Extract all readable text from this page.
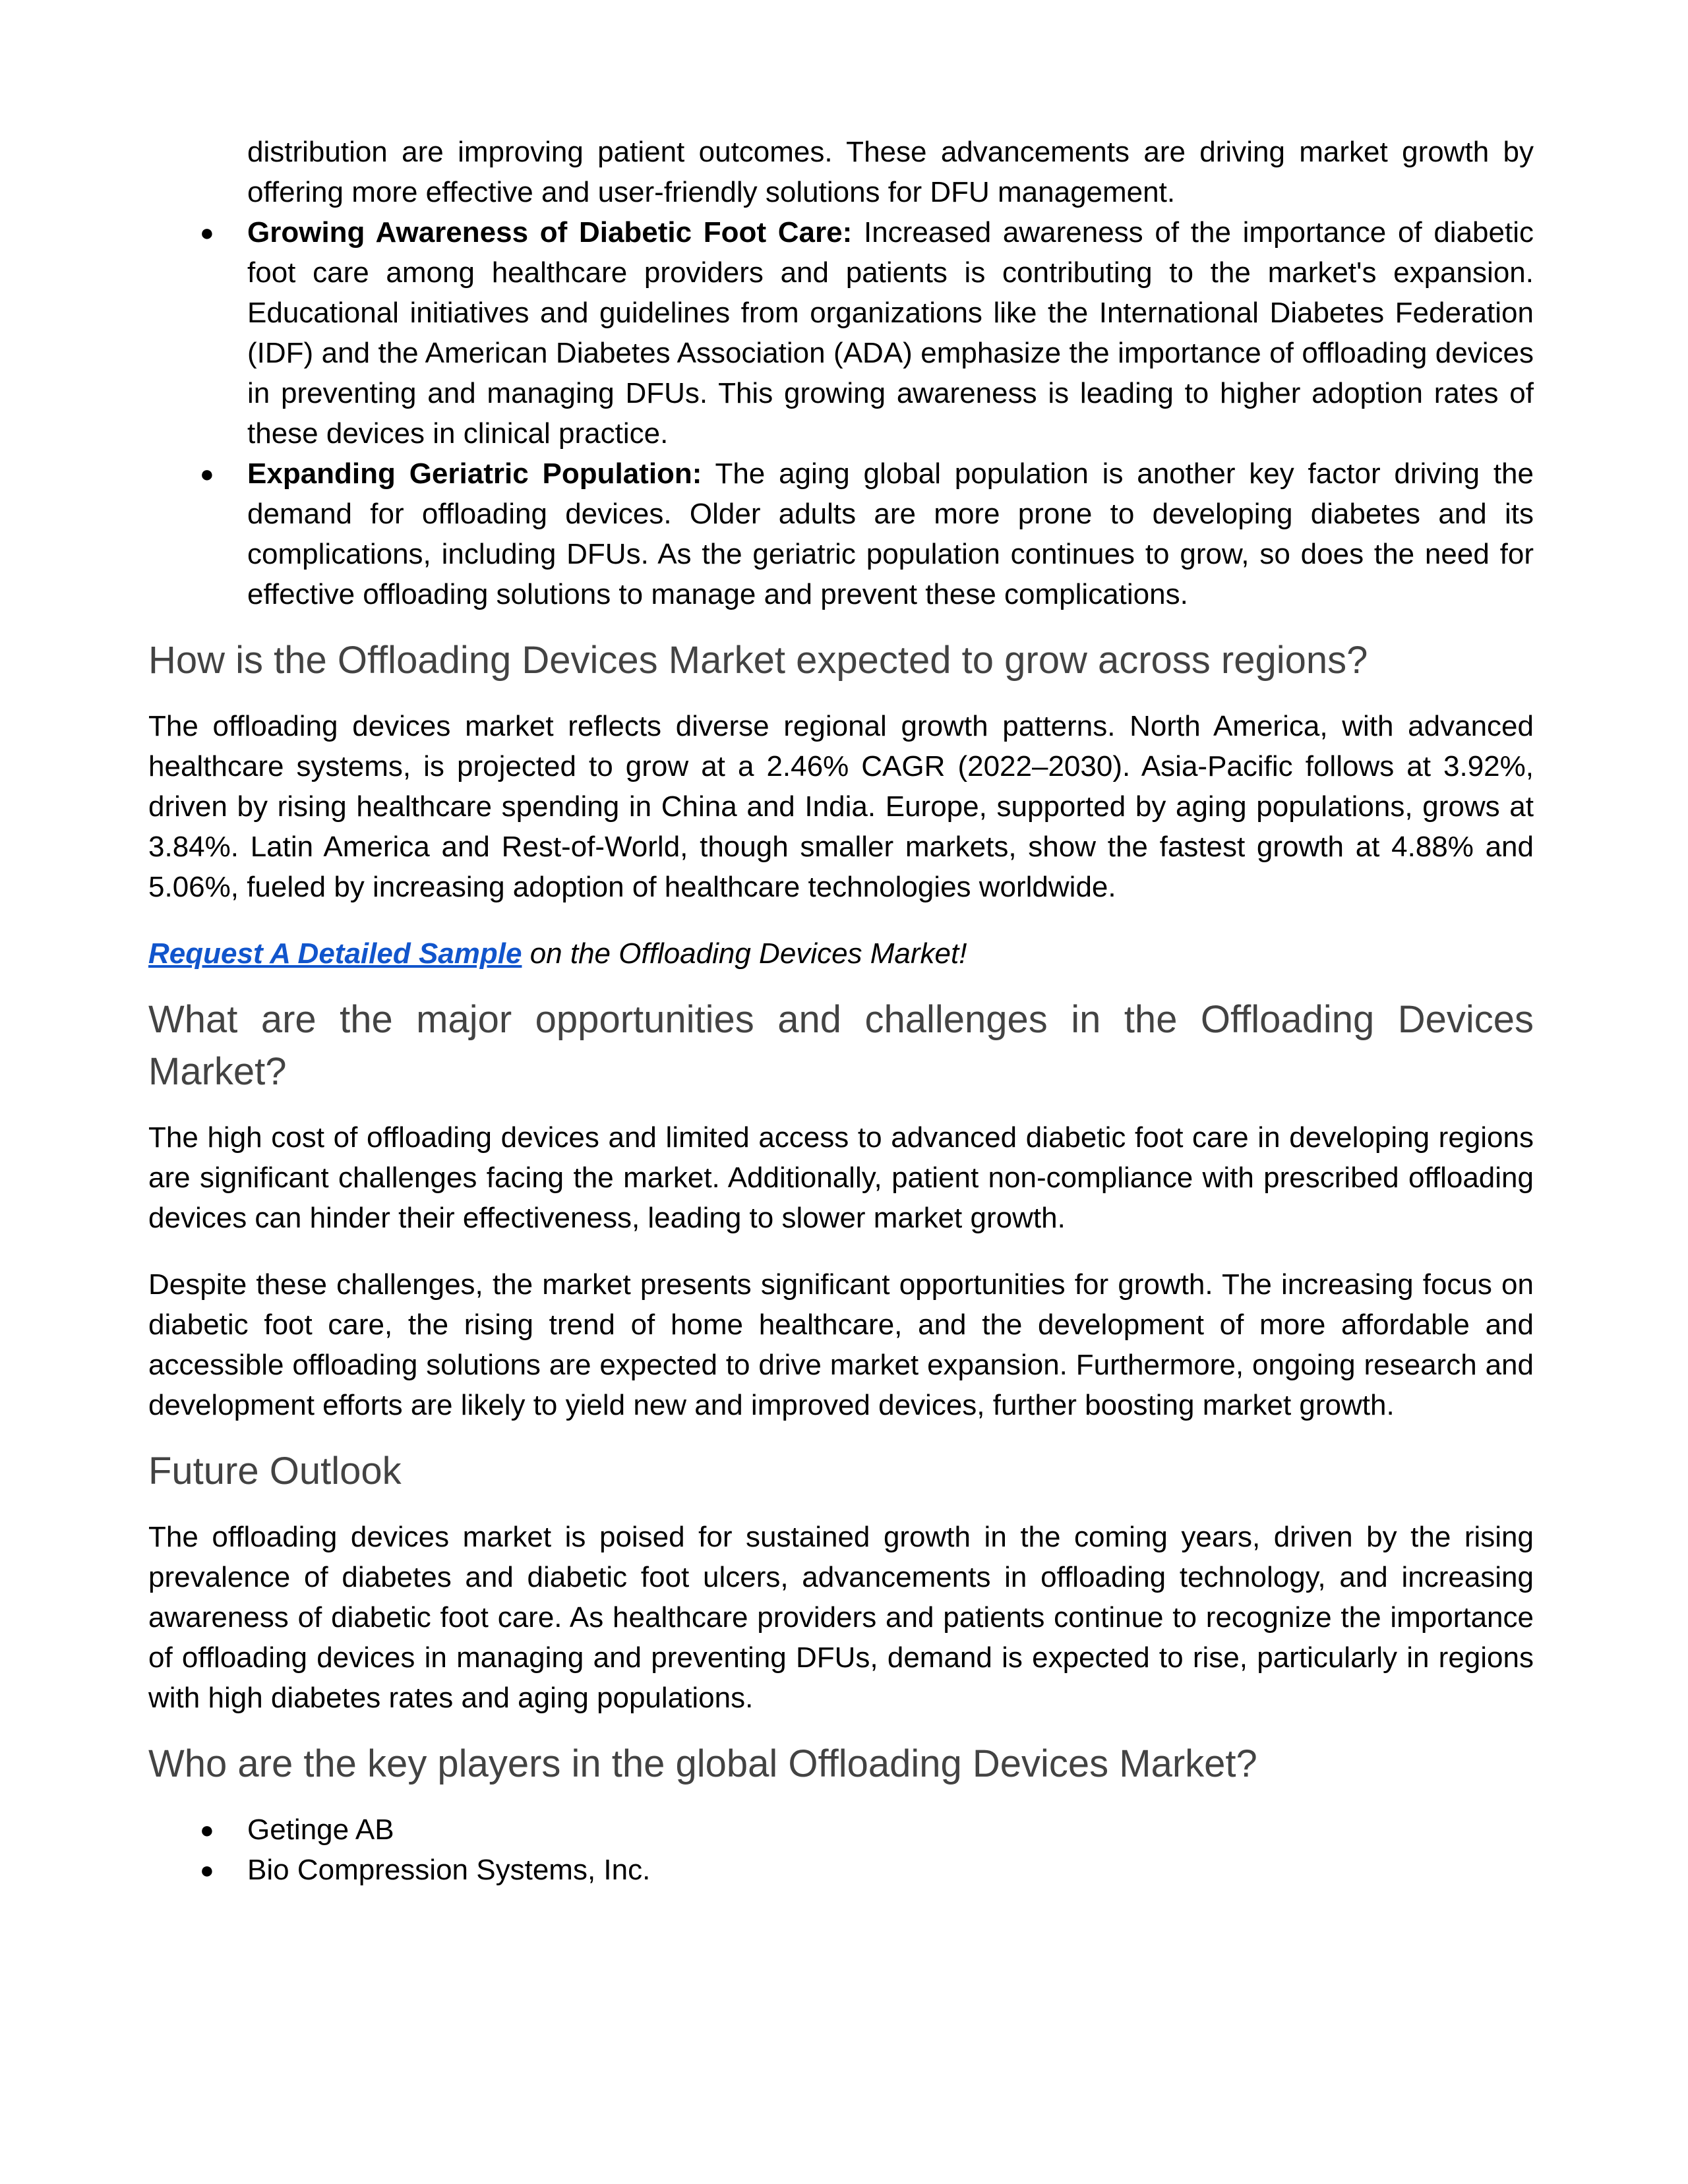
distribution are improving patient outcomes. These advancements are driving market growth by offering more effective and user-friendly solutions for DFU management.
● Growing Awareness of Diabetic Foot Care: Increased awareness of the importance of diabetic foot care among healthcare providers and patients is contributing to the market's expansion. Educational initiatives and guidelines from organizations like the International Diabetes Federation (IDF) and the American Diabetes Association (ADA) emphasize the importance of offloading devices in preventing and managing DFUs. This growing awareness is leading to higher adoption rates of these devices in clinical practice.
● Expanding Geriatric Population: The aging global population is another key factor driving the demand for offloading devices. Older adults are more prone to developing diabetes and its complications, including DFUs. As the geriatric population continues to grow, so does the need for effective offloading solutions to manage and prevent these complications.
How is the Offloading Devices Market expected to grow across regions?

The offloading devices market reflects diverse regional growth patterns. North America, with advanced healthcare systems, is projected to grow at a 2.46% CAGR (2022–2030). Asia-Pacific follows at 3.92%, driven by rising healthcare spending in China and India. Europe, supported by aging populations, grows at 3.84%. Latin America and Rest-of-World, though smaller markets, show the fastest growth at 4.88% and 5.06%, fueled by increasing adoption of healthcare technologies worldwide.

Request A Detailed Sample on the Offloading Devices Market!

What are the major opportunities and challenges in the Offloading Devices Market?

The high cost of offloading devices and limited access to advanced diabetic foot care in developing regions are significant challenges facing the market. Additionally, patient non-compliance with prescribed offloading devices can hinder their effectiveness, leading to slower market growth.

Despite these challenges, the market presents significant opportunities for growth. The increasing focus on diabetic foot care, the rising trend of home healthcare, and the development of more affordable and accessible offloading solutions are expected to drive market expansion. Furthermore, ongoing research and development efforts are likely to yield new and improved devices, further boosting market growth.

Future Outlook

The offloading devices market is poised for sustained growth in the coming years, driven by the rising prevalence of diabetes and diabetic foot ulcers, advancements in offloading technology, and increasing awareness of diabetic foot care. As healthcare providers and patients continue to recognize the importance of offloading devices in managing and preventing DFUs, demand is expected to rise, particularly in regions with high diabetes rates and aging populations.

Who are the key players in the global Offloading Devices Market?
● Getinge AB
● Bio Compression Systems, Inc.
